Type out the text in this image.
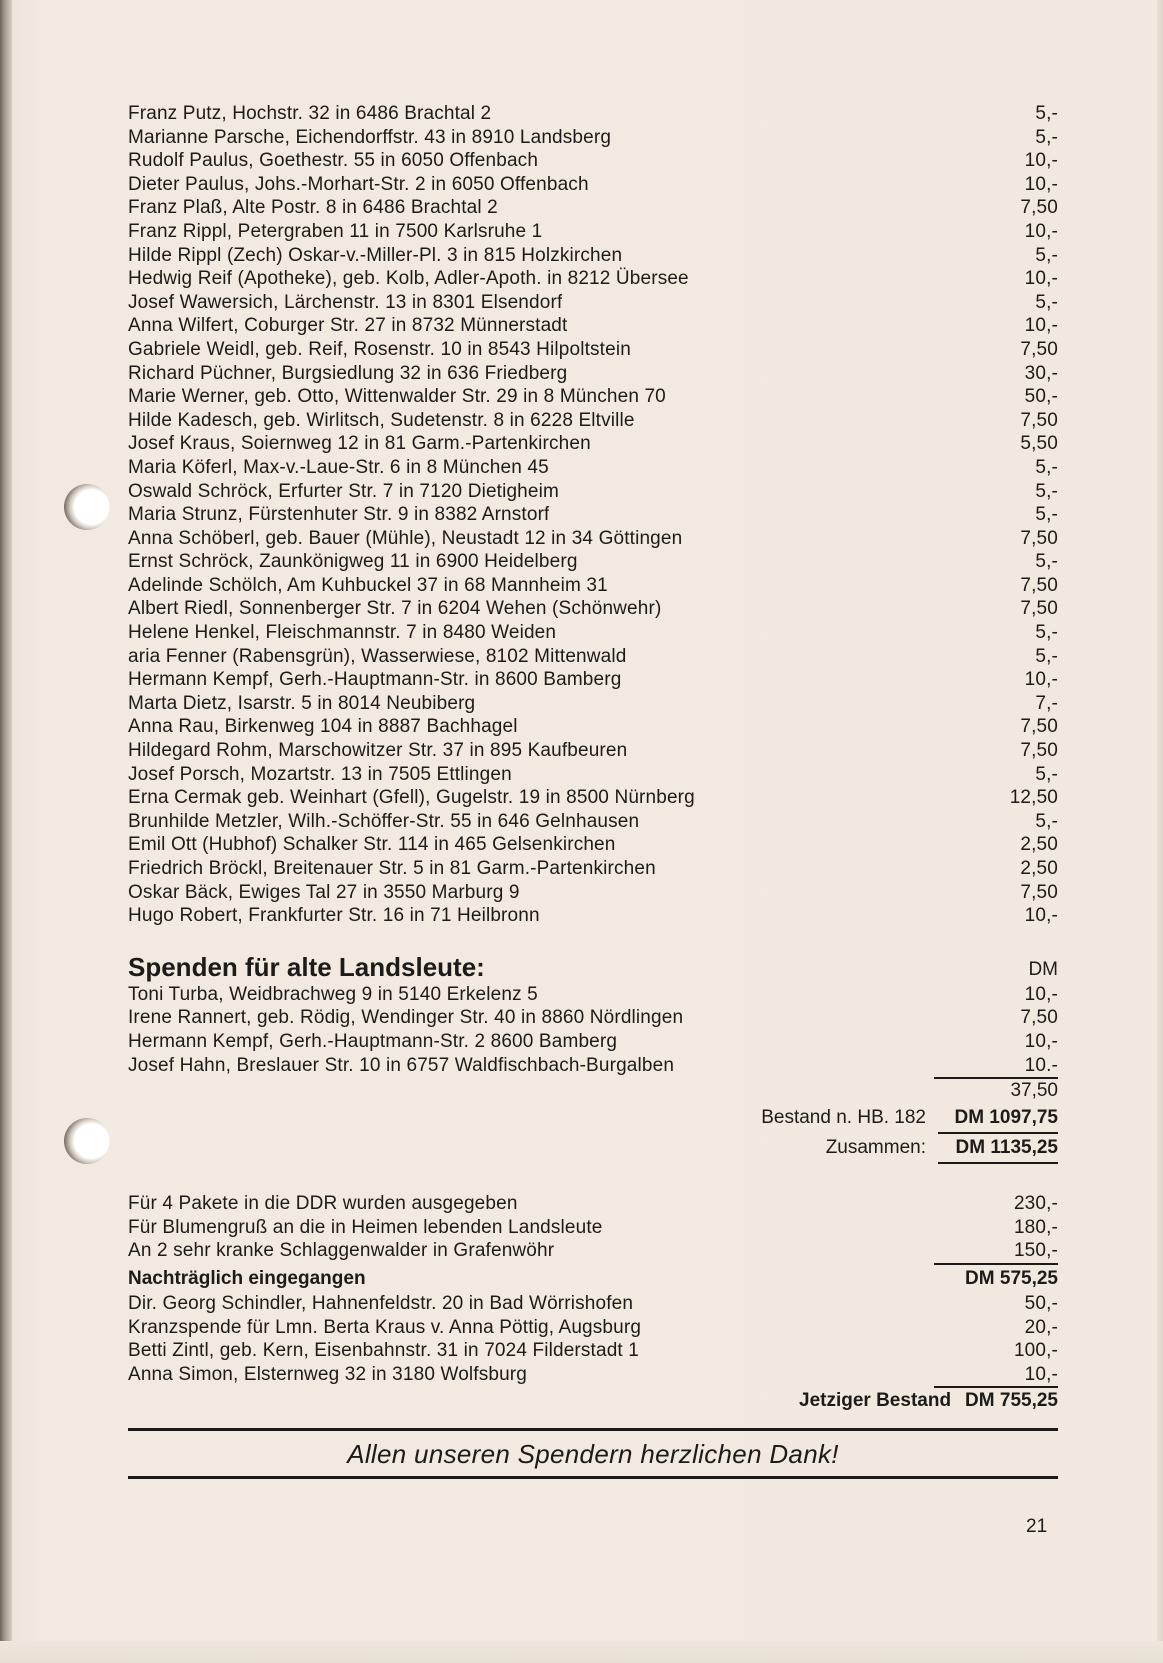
Franz Putz, Hochstr. 32 in 6486 Brachtal 2	5,-
Marianne Parsche, Eichendorffstr. 43 in 8910 Landsberg	5,-
Rudolf Paulus, Goethestr. 55 in 6050 Offenbach	10,-
Dieter Paulus, Johs.-Morhart-Str. 2 in 6050 Offenbach	10,-
Franz Plaß, Alte Postr. 8 in 6486 Brachtal 2	7,50
Franz Rippl, Petergraben 11 in 7500 Karlsruhe 1	10,-
Hilde Rippl (Zech) Oskar-v.-Miller-Pl. 3 in 815 Holzkirchen	5,-
Hedwig Reif (Apotheke), geb. Kolb, Adler-Apoth. in 8212 Übersee	10,-
Josef Wawersich, Lärchenstr. 13 in 8301 Elsendorf	5,-
Anna Wilfert, Coburger Str. 27 in 8732 Münnerstadt	10,-
Gabriele Weidl, geb. Reif, Rosenstr. 10 in 8543 Hilpoltstein	7,50
Richard Püchner, Burgsiedlung 32 in 636 Friedberg	30,-
Marie Werner, geb. Otto, Wittenwalder Str. 29 in 8 München 70	50,-
Hilde Kadesch, geb. Wirlitsch, Sudetenstr. 8 in 6228 Eltville	7,50
Josef Kraus, Soiernweg 12 in 81 Garm.-Partenkirchen	5,50
Maria Köferl, Max-v.-Laue-Str. 6 in 8 München 45	5,-
Oswald Schröck, Erfurter Str. 7 in 7120 Dietigheim	5,-
Maria Strunz, Fürstenhuter Str. 9 in 8382 Arnstorf	5,-
Anna Schöberl, geb. Bauer (Mühle), Neustadt 12 in 34 Göttingen	7,50
Ernst Schröck, Zaunkönigweg 11 in 6900 Heidelberg	5,-
Adelinde Schölch, Am Kuhbuckel 37 in 68 Mannheim 31	7,50
Albert Riedl, Sonnenberger Str. 7 in 6204 Wehen (Schönwehr)	7,50
Helene Henkel, Fleischmannstr. 7 in 8480 Weiden	5,-
aria Fenner (Rabensgrün), Wasserwiese, 8102 Mittenwald	5,-
Hermann Kempf, Gerh.-Hauptmann-Str. in 8600 Bamberg	10,-
Marta Dietz, Isarstr. 5 in 8014 Neubiberg	7,-
Anna Rau, Birkenweg 104 in 8887 Bachhagel	7,50
Hildegard Rohm, Marschowitzer Str. 37 in 895 Kaufbeuren	7,50
Josef Porsch, Mozartstr. 13 in 7505 Ettlingen	5,-
Erna Cermak geb. Weinhart (Gfell), Gugelstr. 19 in 8500 Nürnberg	12,50
Brunhilde Metzler, Wilh.-Schöffer-Str. 55 in 646 Gelnhausen	5,-
Emil Ott (Hubhof) Schalker Str. 114 in 465 Gelsenkirchen	2,50
Friedrich Bröckl, Breitenauer Str. 5 in 81 Garm.-Partenkirchen	2,50
Oskar Bäck, Ewiges Tal 27 in 3550 Marburg 9	7,50
Hugo Robert, Frankfurter Str. 16 in 71 Heilbronn	10,-
Spenden für alte Landsleute:	DM
Toni Turba, Weidbrachweg 9 in 5140 Erkelenz 5	10,-
Irene Rannert, geb. Rödig, Wendinger Str. 40 in 8860 Nördlingen	7,50
Hermann Kempf, Gerh.-Hauptmann-Str. 2 8600 Bamberg	10,-
Josef Hahn, Breslauer Str. 10 in 6757 Waldfischbach-Burgalben	10.-
37,50
Bestand n. HB. 182	DM 1097,75
Zusammen:	DM 1135,25
Für 4 Pakete in die DDR wurden ausgegeben	230,-
Für Blumengruß an die in Heimen lebenden Landsleute	180,-
An 2 sehr kranke Schlaggenwalder in Grafenwöhr	150,-
Nachträglich eingegangen	DM 575,25
Dir. Georg Schindler, Hahnenfeldstr. 20 in Bad Wörrishofen	50,-
Kranzspende für Lmn. Berta Kraus v. Anna Pöttig, Augsburg	20,-
Betti Zintl, geb. Kern, Eisenbahnstr. 31 in 7024 Filderstadt 1	100,-
Anna Simon, Elsternweg 32 in 3180 Wolfsburg	10,-
Jetziger Bestand DM 755,25
Allen unseren Spendern herzlichen Dank!
21
